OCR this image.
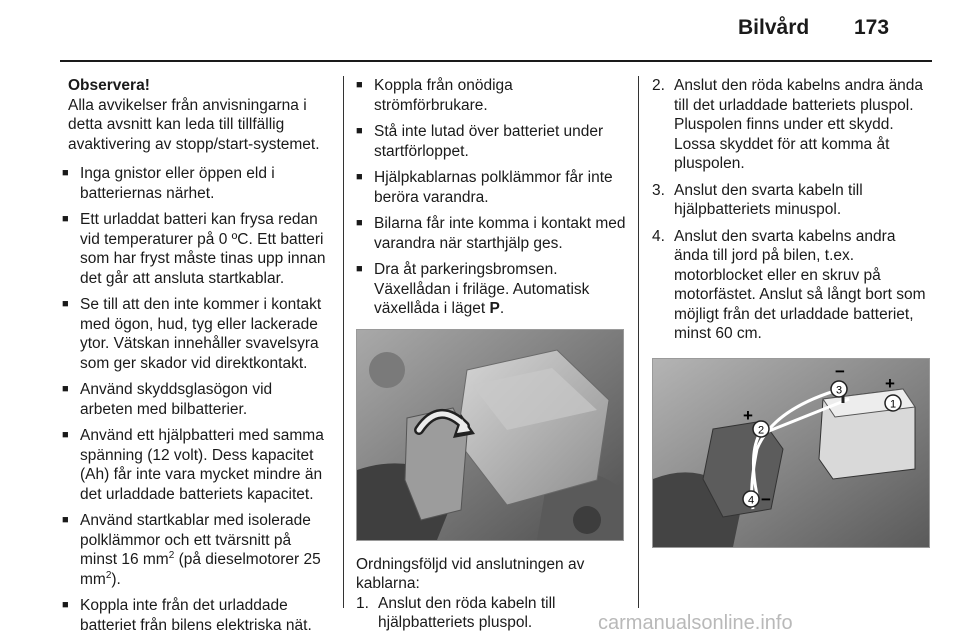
Bilvård 173
Observera!
Alla avvikelser från anvisningarna i detta avsnitt kan leda till tillfällig avaktivering av stopp/start-systemet.
■ Inga gnistor eller öppen eld i batteriernas närhet.
■ Ett urladdat batteri kan frysa redan vid temperaturer på 0 ºC. Ett batteri som har fryst måste tinas upp innan det går att ansluta startkablar.
■ Se till att den inte kommer i kontakt med ögon, hud, tyg eller lackerade ytor. Vätskan innehåller svavelsyra som ger skador vid direktkontakt.
■ Använd skyddsglasögon vid arbeten med bilbatterier.
■ Använd ett hjälpbatteri med samma spänning (12 volt). Dess kapacitet (Ah) får inte vara mycket mindre än det urladdade batteriets kapacitet.
■ Använd startkablar med isolerade polklämmor och ett tvärsnitt på minst 16 $mm^2$ (på dieselmotorer 25 $mm^2$).
■ Koppla inte från det urladdade batteriet från bilens elektriska nät.
■ Koppla från onödiga strömförbrukare.
■ Stå inte lutad över batteriet under startförloppet.
■ Hjälpkablarnas polklämmor får inte beröra varandra.
■ Bilarna får inte komma i kontakt med varandra när starthjälp ges.
■ Dra åt parkeringsbromsen. Växellådan i friläge. Automatisk växellåda i läget P.
Ordningsföljd vid anslutningen av kablarna:
1. Anslut den röda kabeln till hjälpbatteriets pluspol.
2. Anslut den röda kabelns andra ända till det urladdade batteriets pluspol. Pluspolen finns under ett skydd. Lossa skyddet för att komma åt pluspolen.
3. Anslut den svarta kabeln till hjälpbatteriets minuspol.
4. Anslut den svarta kabelns andra ända till jord på bilen, t.ex. motorblocket eller en skruv på motorfästet. Anslut så långt bort som möjligt från det urladdade batteriet, minst 60 cm.
1
2
3
4
+
−
+
−
carmanualsonline.info
